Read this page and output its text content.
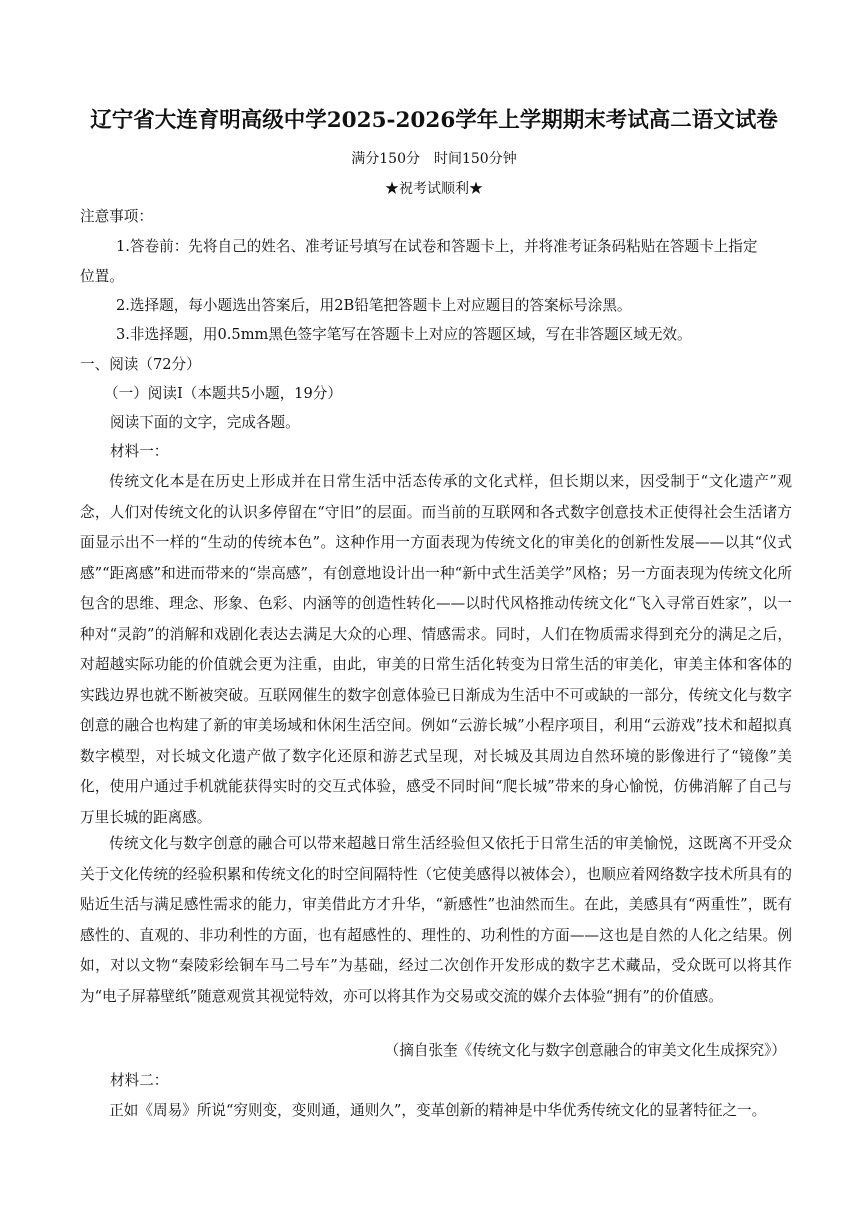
辽宁省大连育明高级中学2025-2026学年上学期期末考试高二语文试卷
满分150分　时间150分钟
★祝考试顺利★
注意事项：
1.答卷前：先将自己的姓名、准考证号填写在试卷和答题卡上，并将准考证条码粘贴在答题卡上指定
位置。
2.选择题，每小题选出答案后，用2B铅笔把答题卡上对应题目的答案标号涂黑。
3.非选择题，用0.5mm黑色签字笔写在答题卡上对应的答题区域，写在非答题区域无效。
一、阅读（72分）
（一）阅读Ⅰ（本题共5小题，19分）
阅读下面的文字，完成各题。
材料一：
传统文化本是在历史上形成并在日常生活中活态传承的文化式样，但长期以来，因受制于“文化遗产”观念，人们对传统文化的认识多停留在“守旧”的层面。而当前的互联网和各式数字创意技术正使得社会生活诸方面显示出不一样的“生动的传统本色”。这种作用一方面表现为传统文化的审美化的创新性发展——以其“仪式感”“距离感”和进而带来的“崇高感”，有创意地设计出一种“新中式生活美学”风格；另一方面表现为传统文化所包含的思维、理念、形象、色彩、内涵等的创造性转化——以时代风格推动传统文化“飞入寻常百姓家”，以一种对“灵韵”的消解和戏剧化表达去满足大众的心理、情感需求。同时，人们在物质需求得到充分的满足之后，对超越实际功能的价值就会更为注重，由此，审美的日常生活化转变为日常生活的审美化，审美主体和客体的实践边界也就不断被突破。互联网催生的数字创意体验已日渐成为生活中不可或缺的一部分，传统文化与数字创意的融合也构建了新的审美场域和休闲生活空间。例如“云游长城”小程序项目，利用“云游戏”技术和超拟真数字模型，对长城文化遗产做了数字化还原和游艺式呈现，对长城及其周边自然环境的影像进行了“镜像”美化，使用户通过手机就能获得实时的交互式体验，感受不同时间“爬长城”带来的身心愉悦，仿佛消解了自己与万里长城的距离感。
传统文化与数字创意的融合可以带来超越日常生活经验但又依托于日常生活的审美愉悦，这既离不开受众关于文化传统的经验积累和传统文化的时空间隔特性（它使美感得以被体会），也顺应着网络数字技术所具有的贴近生活与满足感性需求的能力，审美借此方才升华，“新感性”也油然而生。在此，美感具有“两重性”，既有感性的、直观的、非功利性的方面，也有超感性的、理性的、功利性的方面——这也是自然的人化之结果。例如，对以文物“秦陵彩绘铜车马二号车”为基础，经过二次创作开发形成的数字艺术藏品，受众既可以将其作为“电子屏幕壁纸”随意观赏其视觉特效，亦可以将其作为交易或交流的媒介去体验“拥有”的价值感。
（摘自张奎《传统文化与数字创意融合的审美文化生成探究》）
材料二：
正如《周易》所说“穷则变，变则通，通则久”，变革创新的精神是中华优秀传统文化的显著特征之一。
